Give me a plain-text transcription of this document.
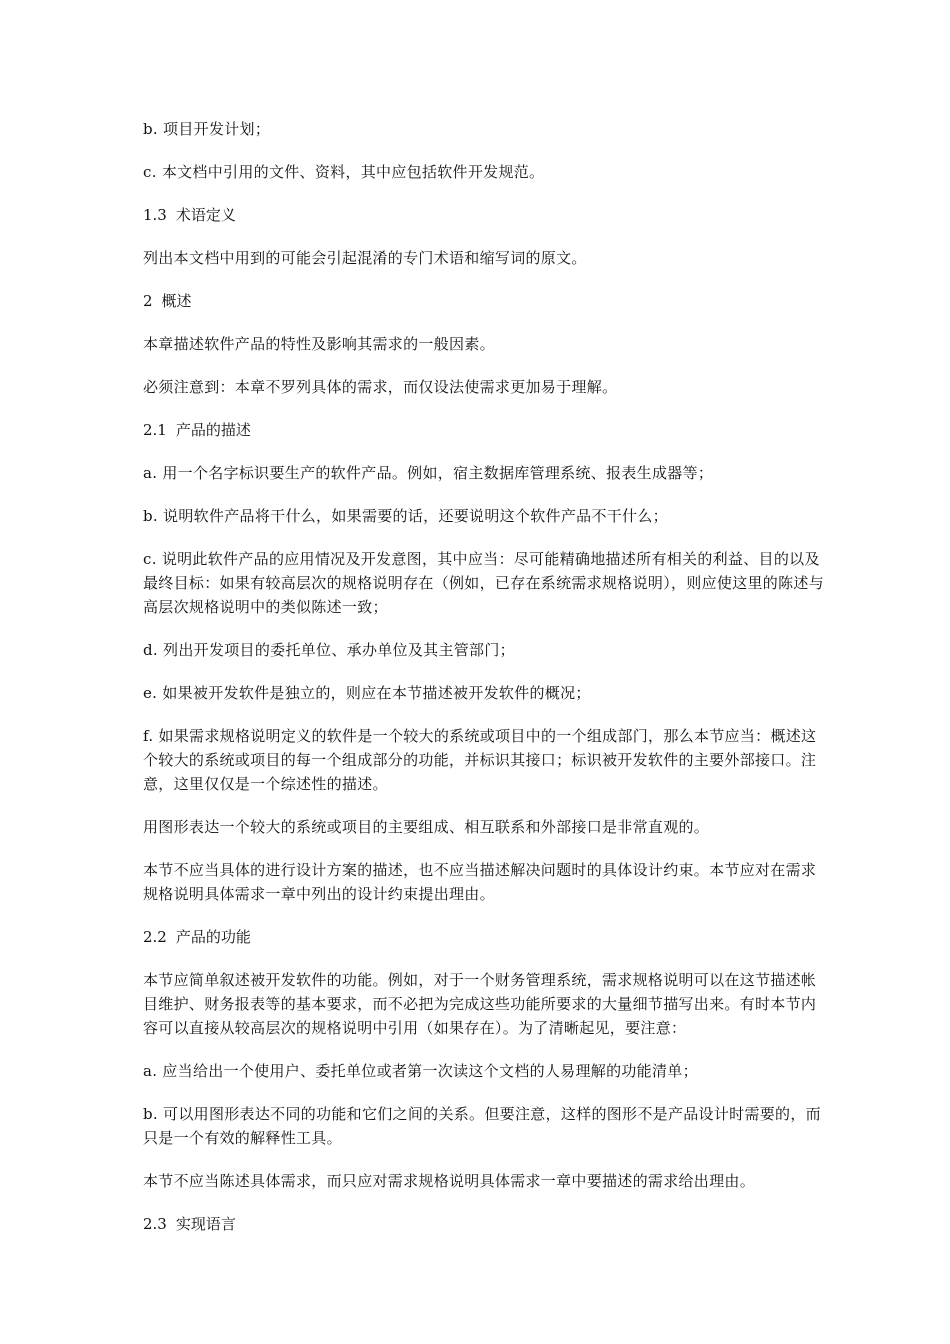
b. 项目开发计划；

c. 本文档中引用的文件、资料，其中应包括软件开发规范。

1.3 术语定义

列出本文档中用到的可能会引起混淆的专门术语和缩写词的原文。

2 概述

本章描述软件产品的特性及影响其需求的一般因素。

必须注意到：本章不罗列具体的需求，而仅设法使需求更加易于理解。

2.1 产品的描述

a. 用一个名字标识要生产的软件产品。例如，宿主数据库管理系统、报表生成器等；

b. 说明软件产品将干什么，如果需要的话，还要说明这个软件产品不干什么；

c. 说明此软件产品的应用情况及开发意图，其中应当：尽可能精确地描述所有相关的利益、目的以及最终目标：如果有较高层次的规格说明存在（例如，已存在系统需求规格说明），则应使这里的陈述与高层次规格说明中的类似陈述一致；

d. 列出开发项目的委托单位、承办单位及其主管部门；

e. 如果被开发软件是独立的，则应在本节描述被开发软件的概况；

f. 如果需求规格说明定义的软件是一个较大的系统或项目中的一个组成部门，那么本节应当：概述这个较大的系统或项目的每一个组成部分的功能，并标识其接口；标识被开发软件的主要外部接口。注意，这里仅仅是一个综述性的描述。

用图形表达一个较大的系统或项目的主要组成、相互联系和外部接口是非常直观的。

本节不应当具体的进行设计方案的描述，也不应当描述解决问题时的具体设计约束。本节应对在需求规格说明具体需求一章中列出的设计约束提出理由。

2.2 产品的功能

本节应简单叙述被开发软件的功能。例如，对于一个财务管理系统，需求规格说明可以在这节描述帐目维护、财务报表等的基本要求，而不必把为完成这些功能所要求的大量细节描写出来。有时本节内容可以直接从较高层次的规格说明中引用（如果存在）。为了清晰起见，要注意：

a. 应当给出一个使用户、委托单位或者第一次读这个文档的人易理解的功能清单；

b. 可以用图形表达不同的功能和它们之间的关系。但要注意，这样的图形不是产品设计时需要的，而只是一个有效的解释性工具。

本节不应当陈述具体需求，而只应对需求规格说明具体需求一章中要描述的需求给出理由。

2.3 实现语言
